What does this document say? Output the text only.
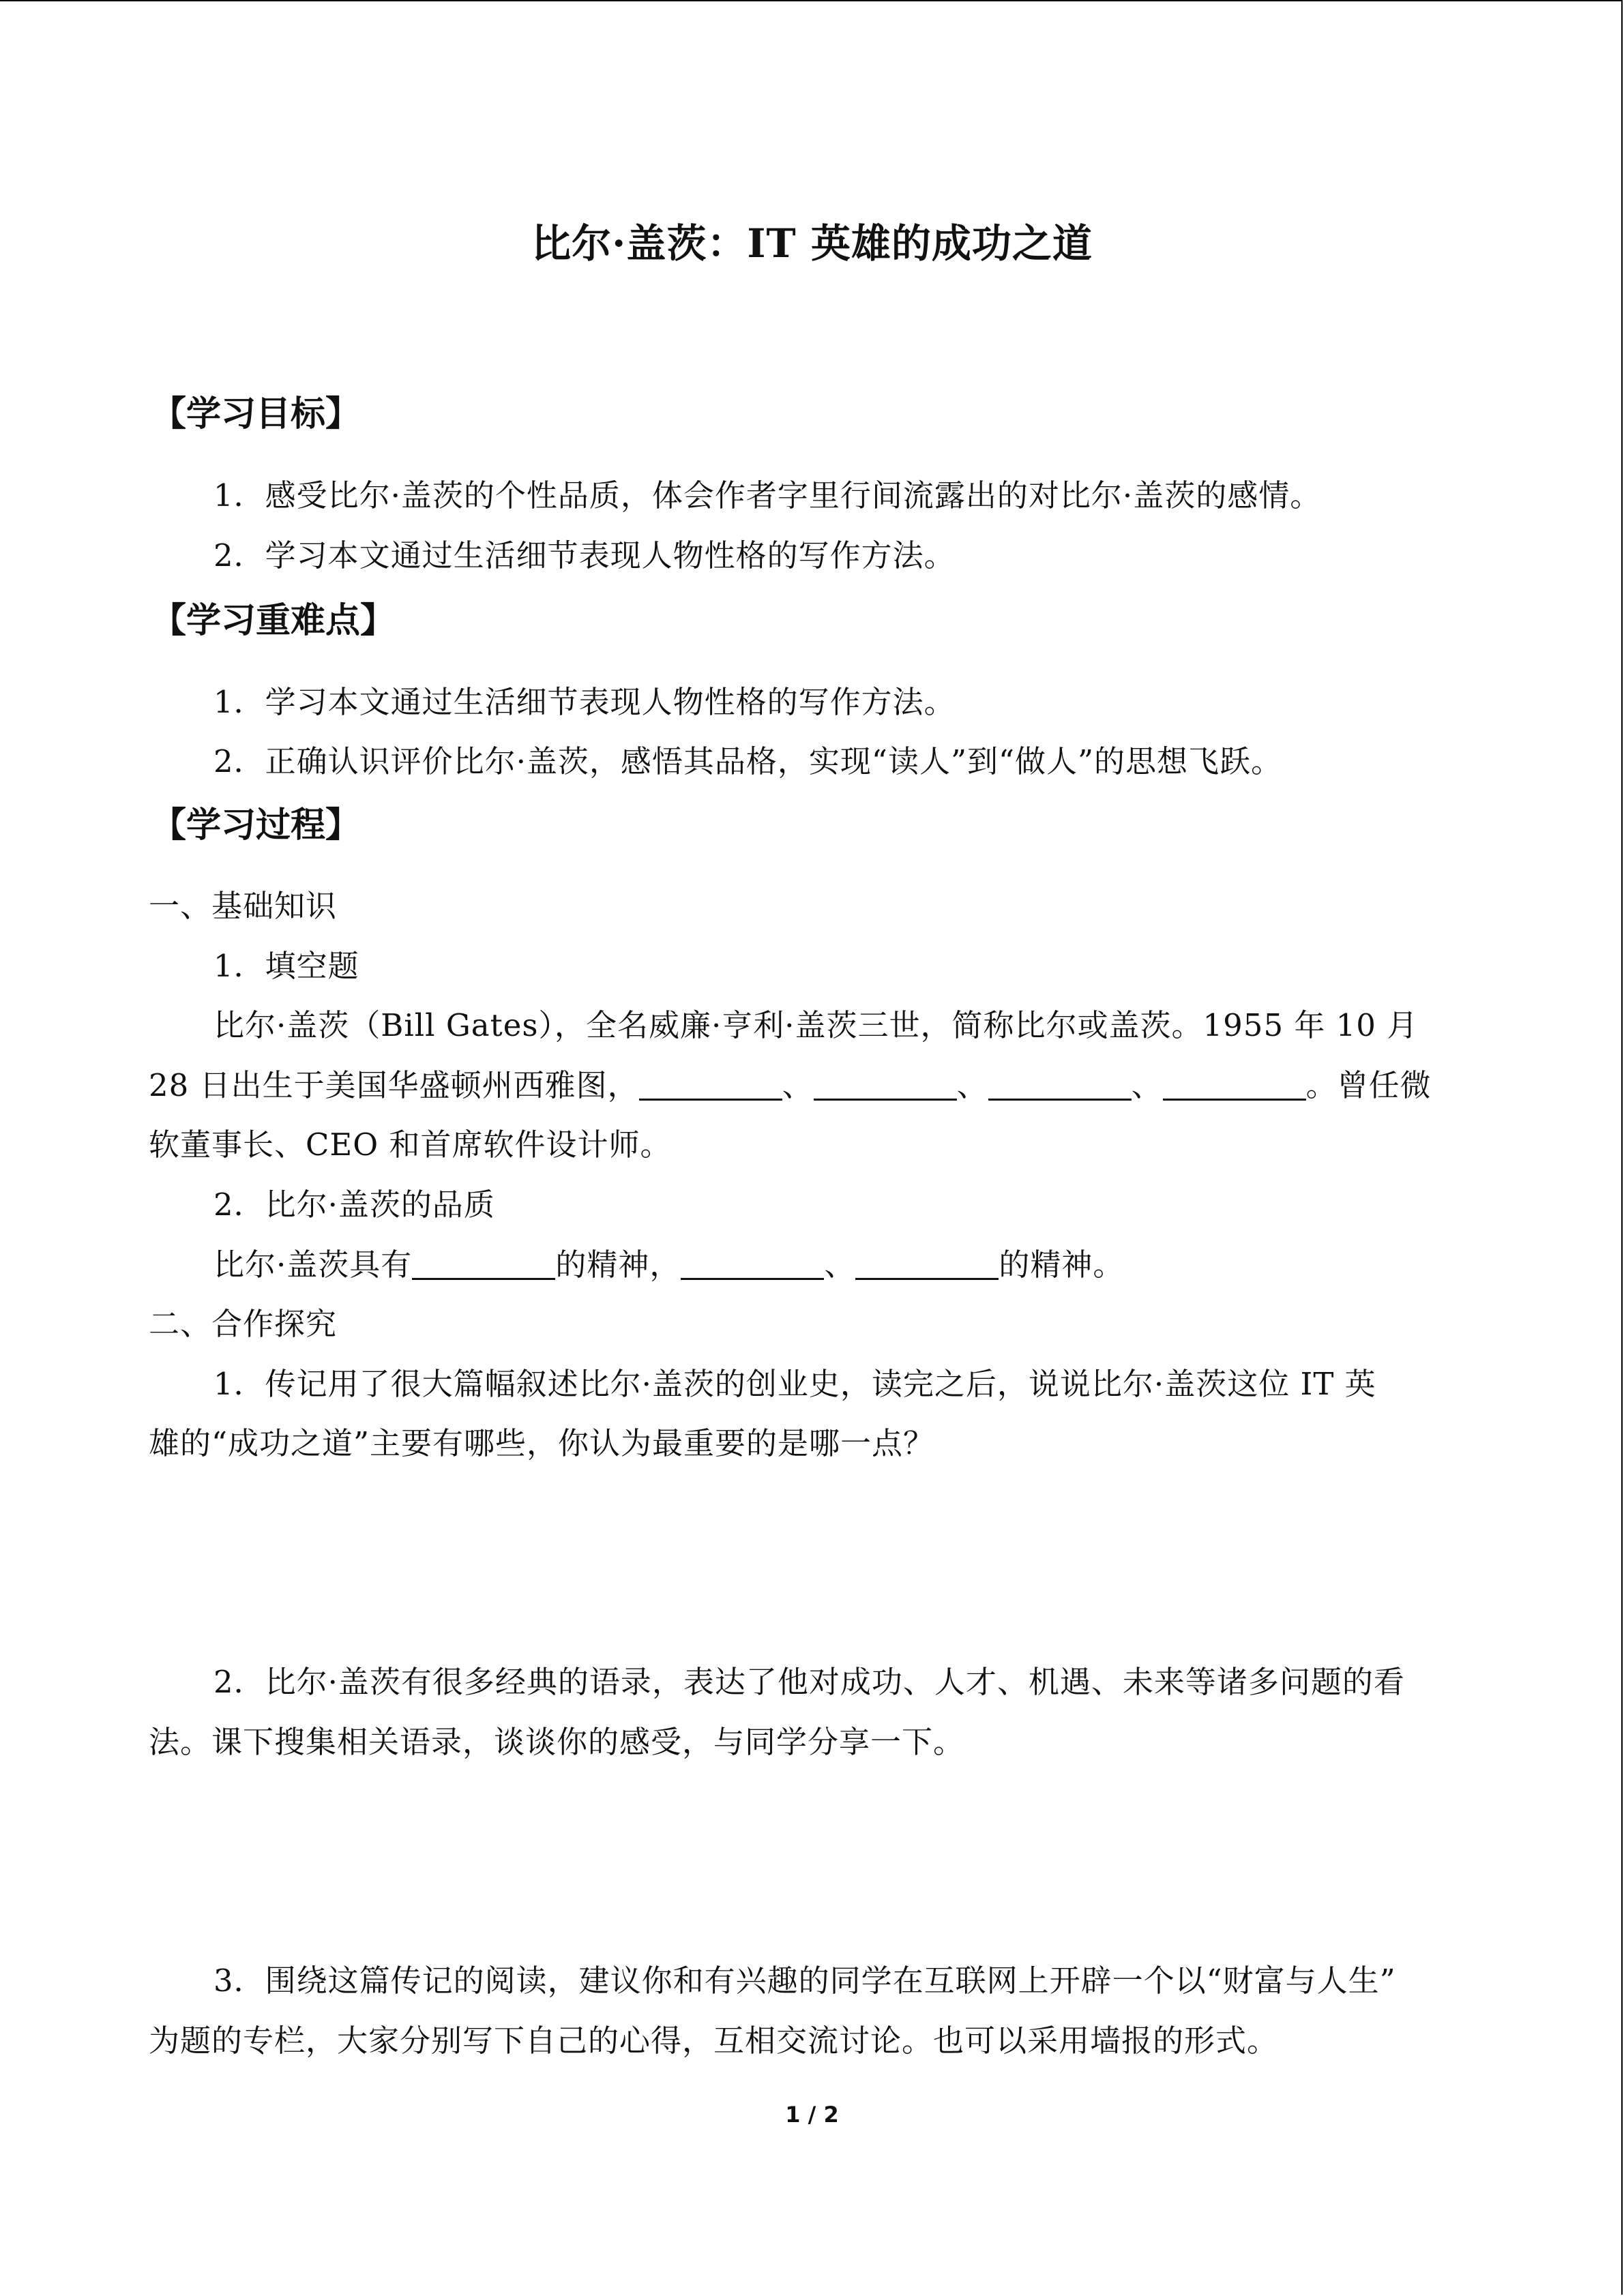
比尔·盖茨：IT 英雄的成功之道
【学习目标】
1．感受比尔·盖茨的个性品质，体会作者字里行间流露出的对比尔·盖茨的感情。
2．学习本文通过生活细节表现人物性格的写作方法。
【学习重难点】
1．学习本文通过生活细节表现人物性格的写作方法。
2．正确认识评价比尔·盖茨，感悟其品格，实现“读人”到“做人”的思想飞跃。
【学习过程】
一、基础知识
1．填空题
比尔·盖茨（Bill Gates），全名威廉·亨利·盖茨三世，简称比尔或盖茨。1955 年 10 月
28 日出生于美国华盛顿州西雅图，	、	、	、	。曾任微
软董事长、CEO 和首席软件设计师。
2．比尔·盖茨的品质
比尔·盖茨具有	的精神，	、	的精神。
二、合作探究
1．传记用了很大篇幅叙述比尔·盖茨的创业史，读完之后，说说比尔·盖茨这位 IT 英
雄的“成功之道”主要有哪些，你认为最重要的是哪一点？
2．比尔·盖茨有很多经典的语录，表达了他对成功、人才、机遇、未来等诸多问题的看
法。课下搜集相关语录，谈谈你的感受，与同学分享一下。
3．围绕这篇传记的阅读，建议你和有兴趣的同学在互联网上开辟一个以“财富与人生”
为题的专栏，大家分别写下自己的心得，互相交流讨论。也可以采用墙报的形式。
1 / 2
